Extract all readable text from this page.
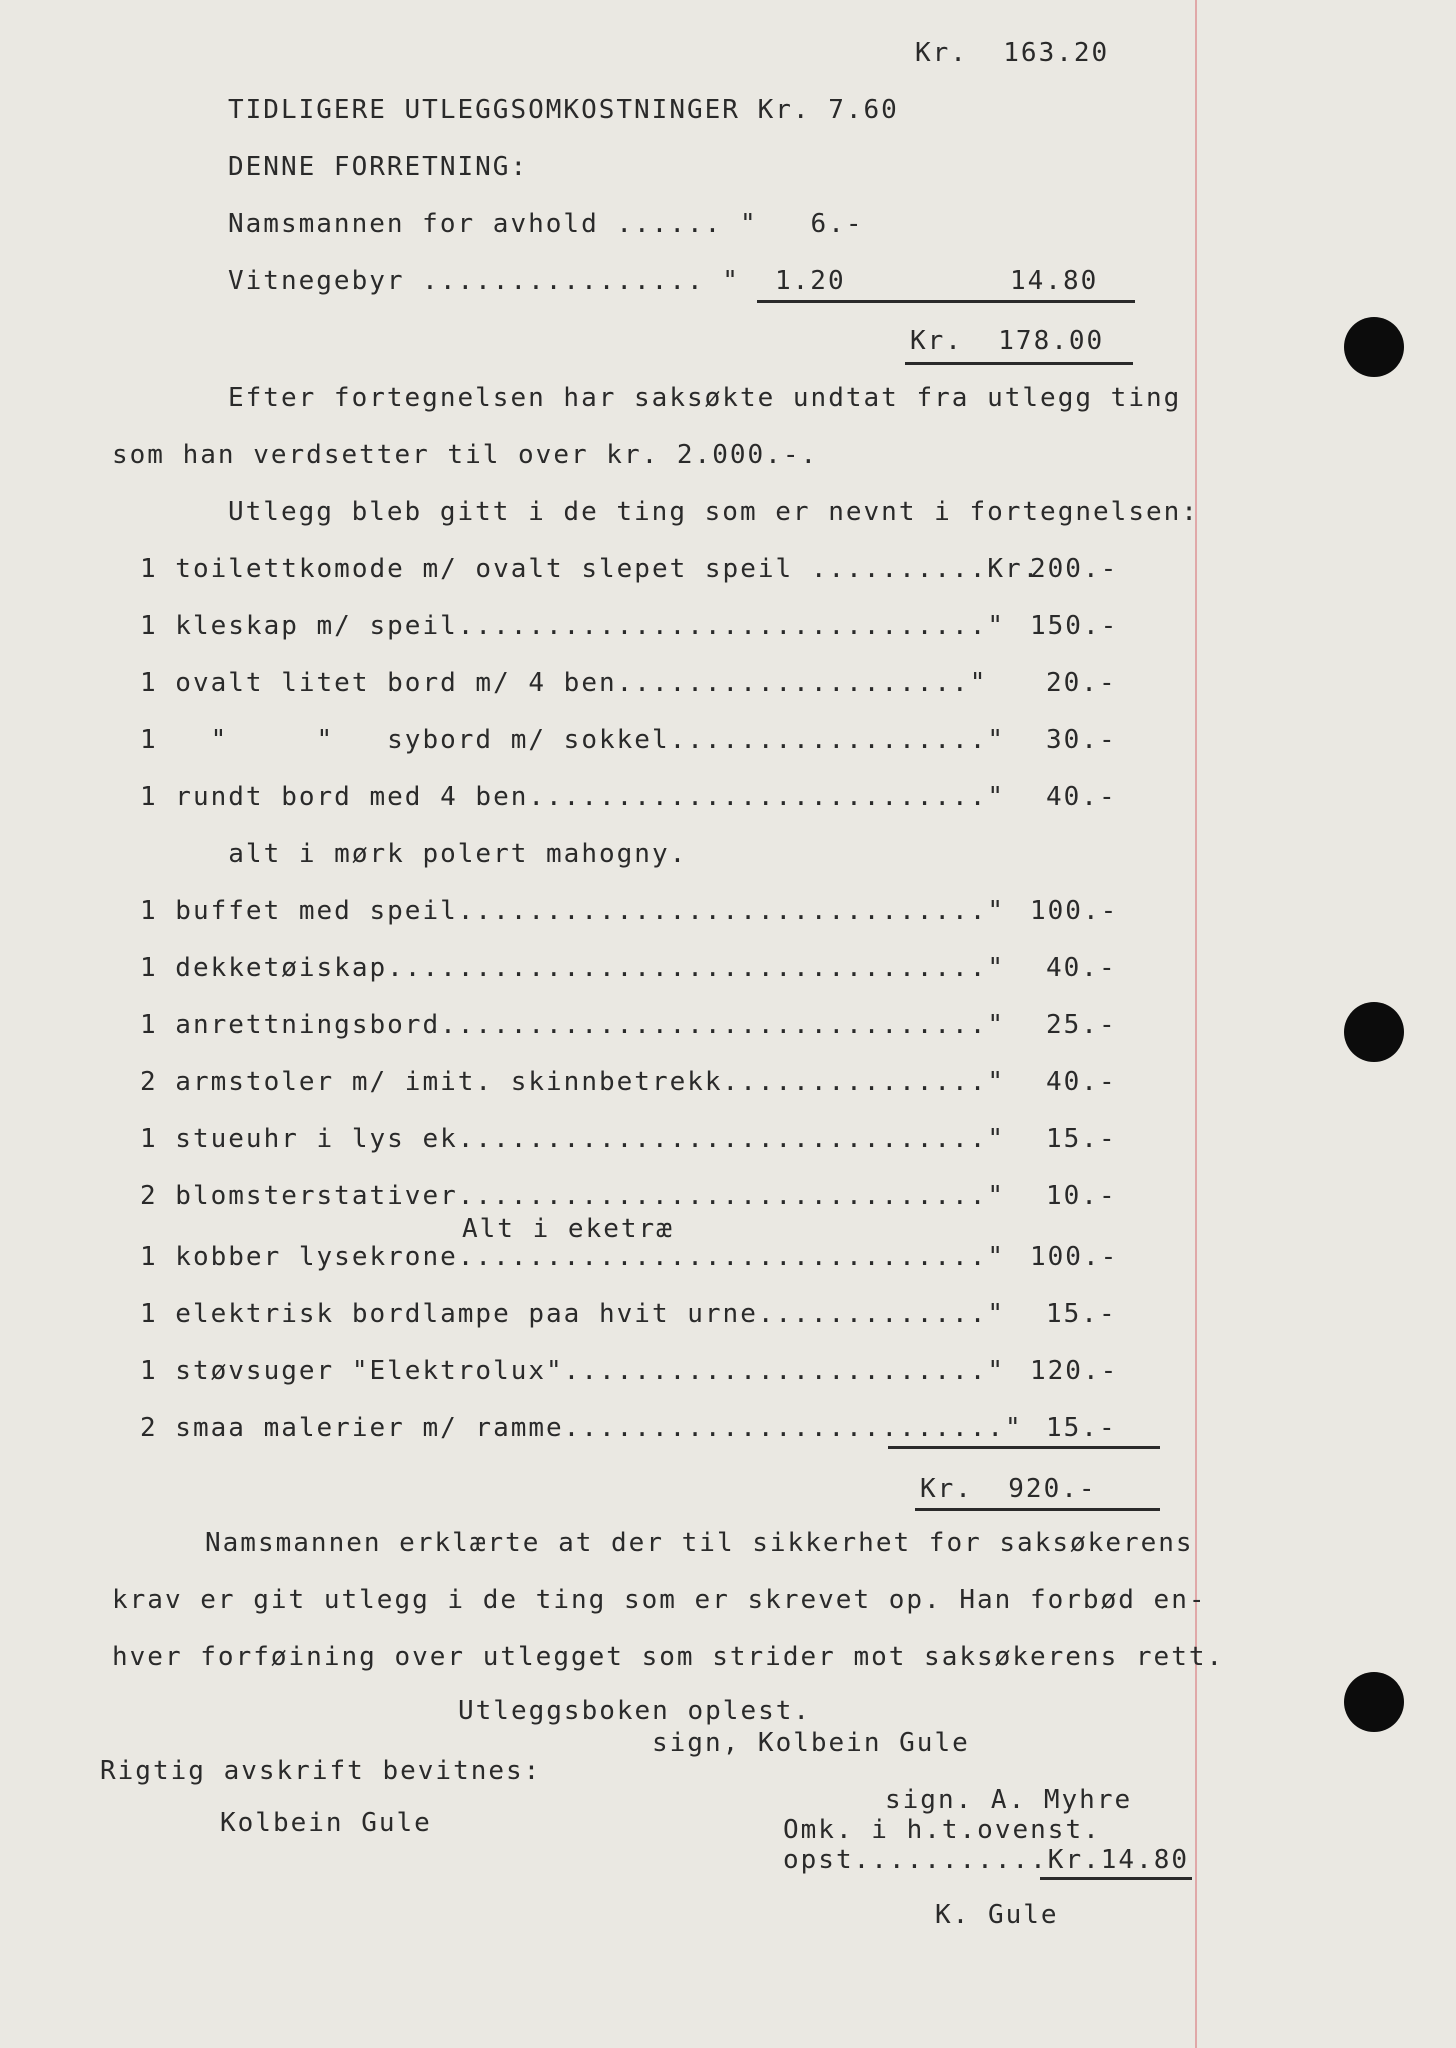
Kr.  163.20
TIDLIGERE UTLEGGSOMKOSTNINGER Kr. 7.60
DENNE FORRETNING:
Namsmannen for avhold ...... "   6.-
Vitnegebyr ................ " 1.20	14.80
Kr.  178.00
Efter fortegnelsen har saksøkte undtat fra utlegg ting
som han verdsetter til over kr. 2.000.-.
Utlegg bleb gitt i de ting som er nevnt i fortegnelsen:
1 toilettkomode m/ ovalt slepet speil ..........Kr.
200.-
1 kleskap m/ speil.............................." 150.-
1 ovalt litet bord m/ 4 ben...................." 20.-
1   "     "   sybord m/ sokkel.................." 30.-
1 rundt bord med 4 ben.........................." 40.-
alt i mørk polert mahogny.
1 buffet med speil.............................." 100.-
1 dekketøiskap.................................." 40.-
1 anrettningsbord..............................." 25.-
2 armstoler m/ imit. skinnbetrekk..............." 40.-
1 stueuhr i lys ek.............................." 15.-
2 blomsterstativer.............................." 10.-
Alt i eketræ
1 kobber lysekrone.............................." 100.-
1 elektrisk bordlampe paa hvit urne............." 15.-
1 støvsuger "Elektrolux"........................" 120.-
2 smaa malerier m/ ramme........................." 15.-
Kr.  920.-
Namsmannen erklærte at der til sikkerhet for saksøkerens
krav er git utlegg i de ting som er skrevet op. Han forbød en-
hver forføining over utlegget som strider mot saksøkerens rett.
Utleggsboken oplest.
sign, Kolbein Gule
Rigtig avskrift bevitnes:
sign. A. Myhre
Kolbein Gule	Omk. i h.t.ovenst.
opst...........Kr.14.80
K. Gule
